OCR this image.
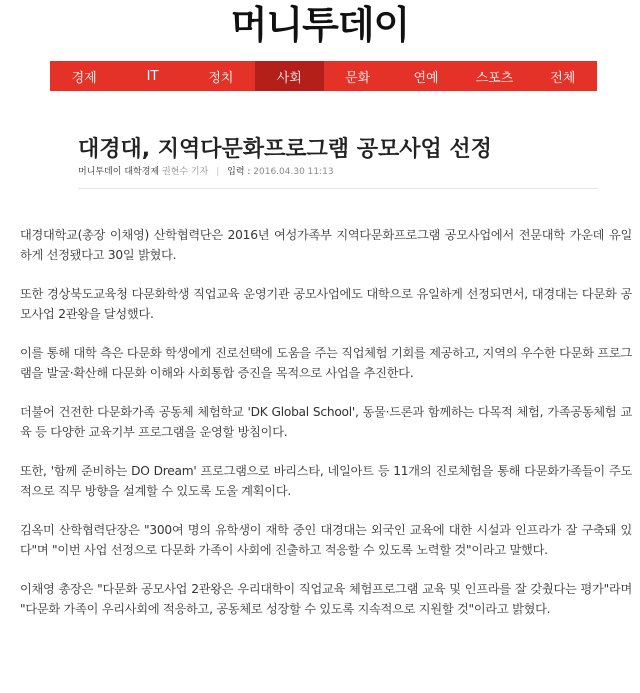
머니투데이
경제	IT	정치	사회	문화	연예	스포츠	전체
대경대, 지역다문화프로그램 공모사업 선정
머니투데이 대학경제 권현수 기자 | 입력 : 2016.04.30 11:13

대경대학교(총장 이채영) 산학협력단은 2016년 여성가족부 지역다문화프로그램 공모사업에서 전문대학 가운데 유일하게 선정됐다고 30일 밝혔다.

또한 경상북도교육청 다문화학생 직업교육 운영기관 공모사업에도 대학으로 유일하게 선정되면서, 대경대는 다문화 공모사업 2관왕을 달성했다.

이를 통해 대학 측은 다문화 학생에게 진로선택에 도움을 주는 직업체험 기회를 제공하고, 지역의 우수한 다문화 프로그램을 발굴·확산해 다문화 이해와 사회통합 증진을 목적으로 사업을 추진한다.

더불어 건전한 다문화가족 공동체 체험학교 'DK Global School', 동물·드론과 함께하는 다목적 체험, 가족공동체험 교육 등 다양한 교육기부 프로그램을 운영할 방침이다.

또한, '함께 준비하는 DO Dream' 프로그램으로 바리스타, 네일아트 등 11개의 진로체험을 통해 다문화가족들이 주도적으로 직무 방향을 설계할 수 있도록 도울 계획이다.

김옥미 산학협력단장은 "300여 명의 유학생이 재학 중인 대경대는 외국인 교육에 대한 시설과 인프라가 잘 구축돼 있다"며 "이번 사업 선정으로 다문화 가족이 사회에 진출하고 적응할 수 있도록 노력할 것"이라고 말했다.

이채영 총장은 "다문화 공모사업 2관왕은 우리대학이 직업교육 체험프로그램 교육 및 인프라를 잘 갖췄다는 평가"라며 "다문화 가족이 우리사회에 적응하고, 공동체로 성장할 수 있도록 지속적으로 지원할 것"이라고 밝혔다.
